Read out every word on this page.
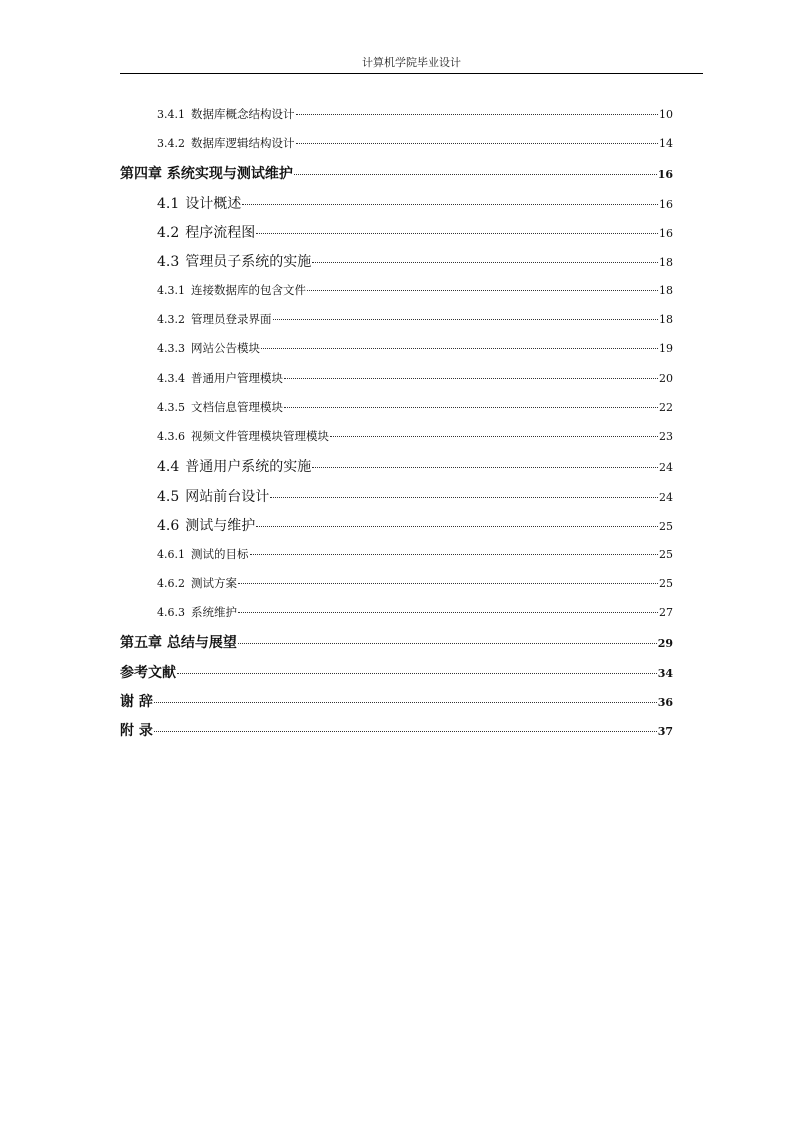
计算机学院毕业设计
3.4.1 数据库概念结构设计	10
3.4.2 数据库逻辑结构设计	14
第四章 系统实现与测试维护	16
4.1 设计概述	16
4.2 程序流程图	16
4.3 管理员子系统的实施	18
4.3.1 连接数据库的包含文件	18
4.3.2 管理员登录界面	18
4.3.3 网站公告模块	19
4.3.4 普通用户管理模块	20
4.3.5 文档信息管理模块	22
4.3.6 视频文件管理模块管理模块	23
4.4 普通用户系统的实施	24
4.5 网站前台设计	24
4.6 测试与维护	25
4.6.1 测试的目标	25
4.6.2 测试方案	25
4.6.3 系统维护	27
第五章 总结与展望	29
参考文献	34
谢 辞	36
附 录	37
